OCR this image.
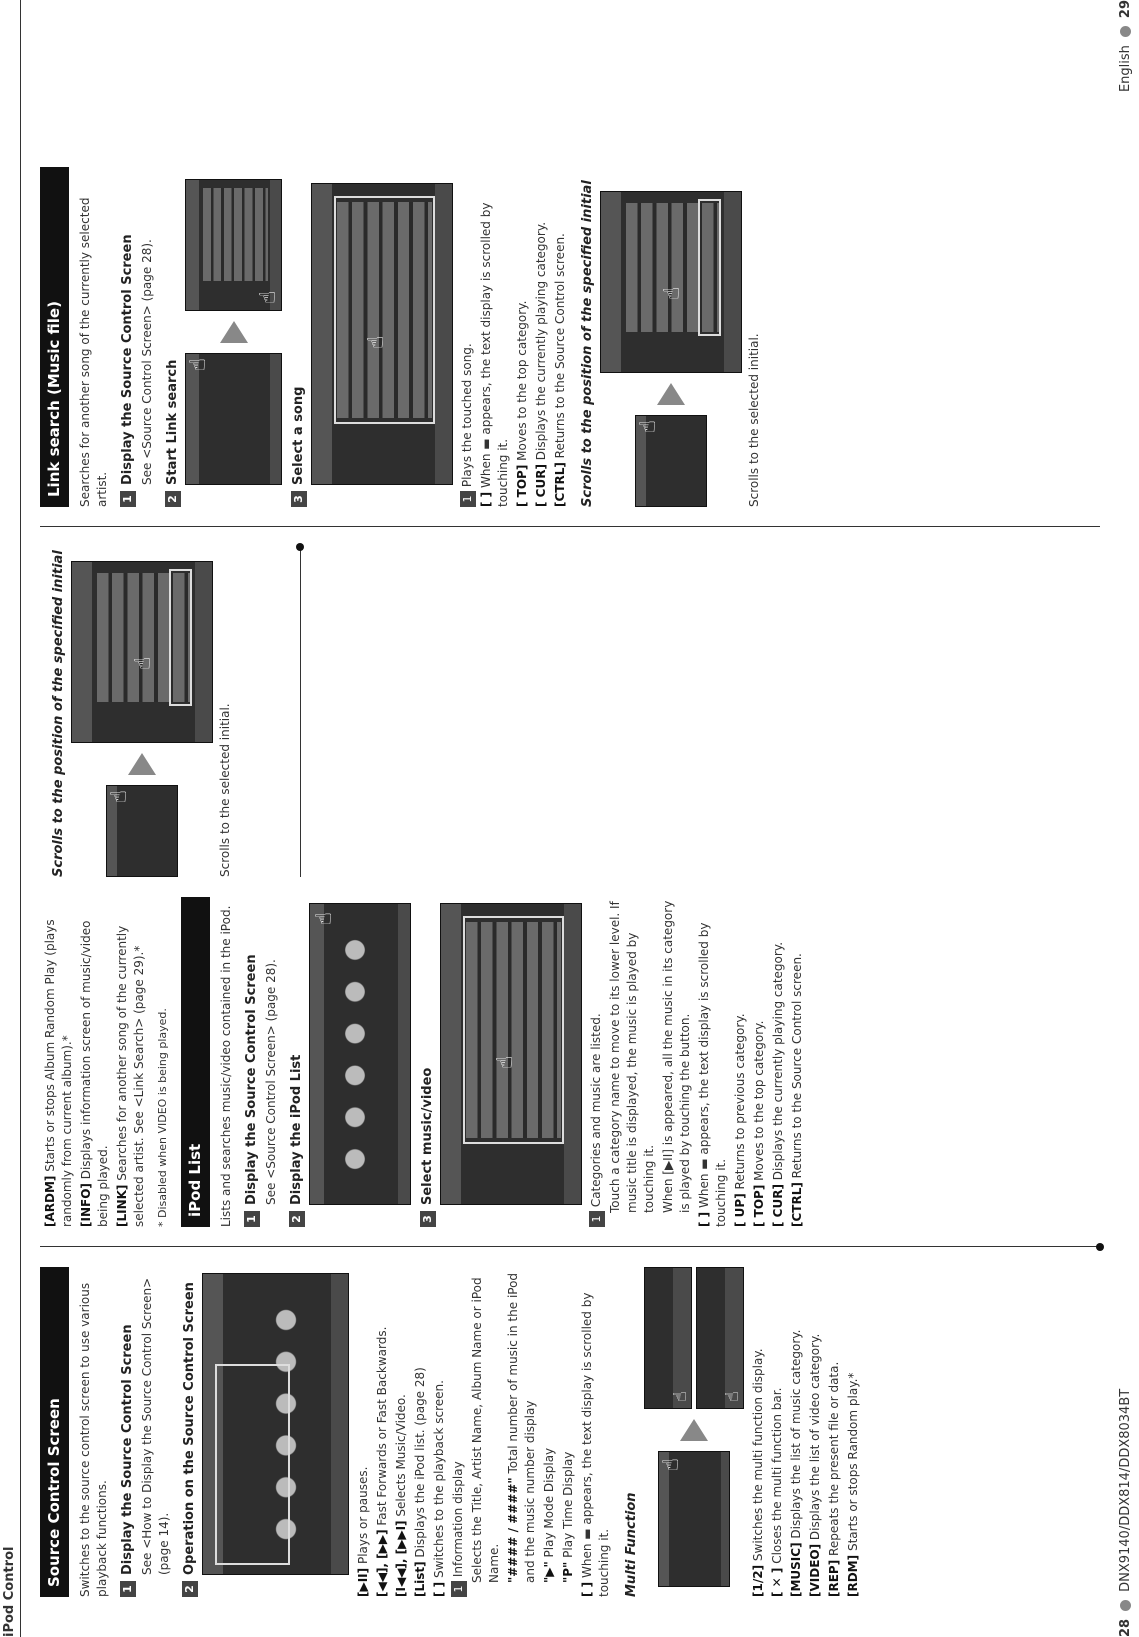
iPod Control
Source Control Screen	Switches to the source control screen to use various playback functions. 1
Display the Source Control Screen See <How to Display the Source Control Screen> (page 14).
2
Operation on the Source Control Screen
[▶II] Plays or pauses. [◀◀], [▶▶] Fast Forwards or Fast Backwards.
[I◀◀], [▶▶I] Selects Music/Video.
[List] Displays the iPod list. (page 28)
[ ] Switches to the playback screen.
1 Information display Selects the Title, Artist Name, Album Name or iPod Name. "#### / ####" Total number of music in the iPod and the music number display "▶" Play Mode Display
"P" Play Time Display
[ ] When ▬ appears, the text display is scrolled by touching it. Multi Function
☝
☝ ☝
[1/2] Switches the multi function display.
[ ✕ ] Closes the multi function bar.
[MUSIC] Displays the list of music category.
[VIDEO] Displays the list of video category.
[REP] Repeats the present file or data.
[RDM] Starts or stops Random play.*
[ARDM] Starts or stops Album Random Play (plays randomly from current album).* [INFO] Displays information screen of music/video being played. [LINK] Searches for another song of the currently selected artist. See <Link Search> (page 29).* * Disabled when VIDEO is being played.	iPod List	Lists and searches music/video contained in the iPod. 1
Display the Source Control Screen See <Source Control Screen> (page 28).
2
Display the iPod List
☝
3
Select music/video
☝
1 Categories and music are listed. Touch a category name to move to its lower level. If music title is displayed, the music is played by touching it. When [▶II] is appeared, all the music in its category is played by touching the button.
[ ] When ▬ appears, the text display is scrolled by touching it. [ UP] Returns to previous category.
[ TOP] Moves to the top category.
[ CUR] Displays the currently playing category.
[CTRL] Returns to the Source Control screen.
Scrolls to the position of the specified initial ☝
☝
Scrolls to the selected initial.
Link search (Music file)	Searches for another song of the currently selected artist. 1
Display the Source Control Screen See <Source Control Screen> (page 28).
2
Start Link search ☝
☝
3
Select a song
☝
1 Plays the touched song.
[ ] When ▬ appears, the text display is scrolled by touching it. [ TOP] Moves to the top category.
[ CUR] Displays the currently playing category.
[CTRL] Returns to the Source Control screen. Scrolls to the position of the specified initial ☝
☝
Scrolls to the selected initial.
28
DNX9140/DDX814/DDX8034BT
English
29
